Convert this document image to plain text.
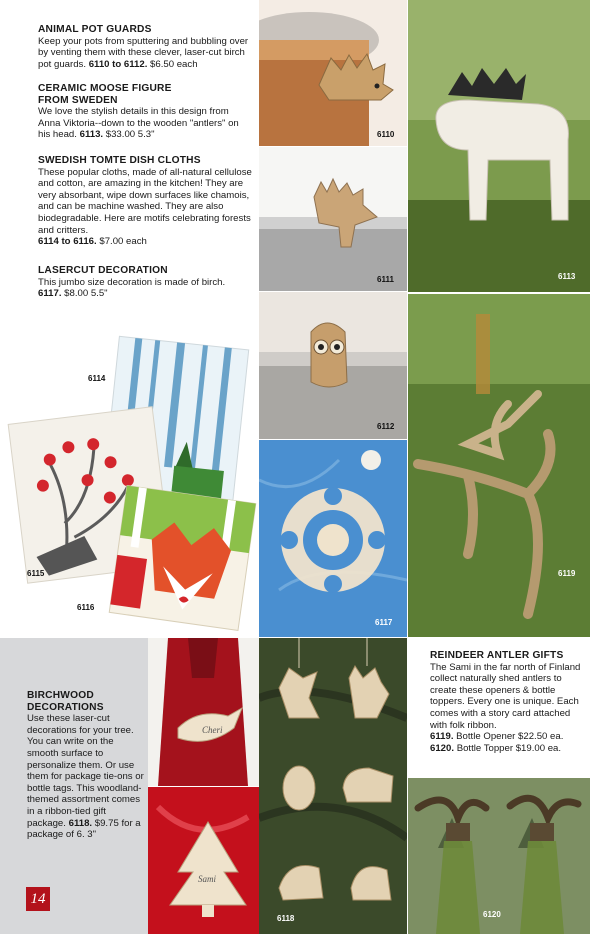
ANIMAL POT GUARDS
Keep your pots from sputtering and bubbling over by venting them with these clever, laser-cut birch pot guards. 6110 to 6112. $6.50 each
CERAMIC MOOSE FIGURE
FROM SWEDEN
We love the stylish details in this design from Anna Viktoria--down to the wooden "antlers" on his head. 6113. $33.00 5.3"
SWEDISH TOMTE DISH CLOTHS
These popular cloths, made of all-natural cellulose and cotton, are amazing in the kitchen! They are very absorbant, wipe down surfaces like chamois, and can be machine washed. They are also biodegradable. Here are motifs celebrating forests and critters.
6114 to 6116. $7.00 each
LASERCUT DECORATION
This jumbo size decoration is made of birch.
6117. $8.00 5.5"
6114
6115
6116
6110
6111
6112
6117
6113
6119
BIRCHWOOD
DECORATIONS
Use these laser-cut decorations for your tree. You can write on the smooth surface to personalize them. Or use them for package tie-ons or bottle tags. This woodland-themed assortment comes in a ribbon-tied gift package. 6118. $9.75 for a package of 6. 3"
14
Cheri
Sami
6118
REINDEER ANTLER GIFTS
The Sami in the far north of Finland collect naturally shed antlers to create these openers & bottle toppers. Every one is unique. Each comes with a story card attached with folk ribbon.
6119. Bottle Opener $22.50 ea.
6120. Bottle Topper $19.00 ea.
6120
